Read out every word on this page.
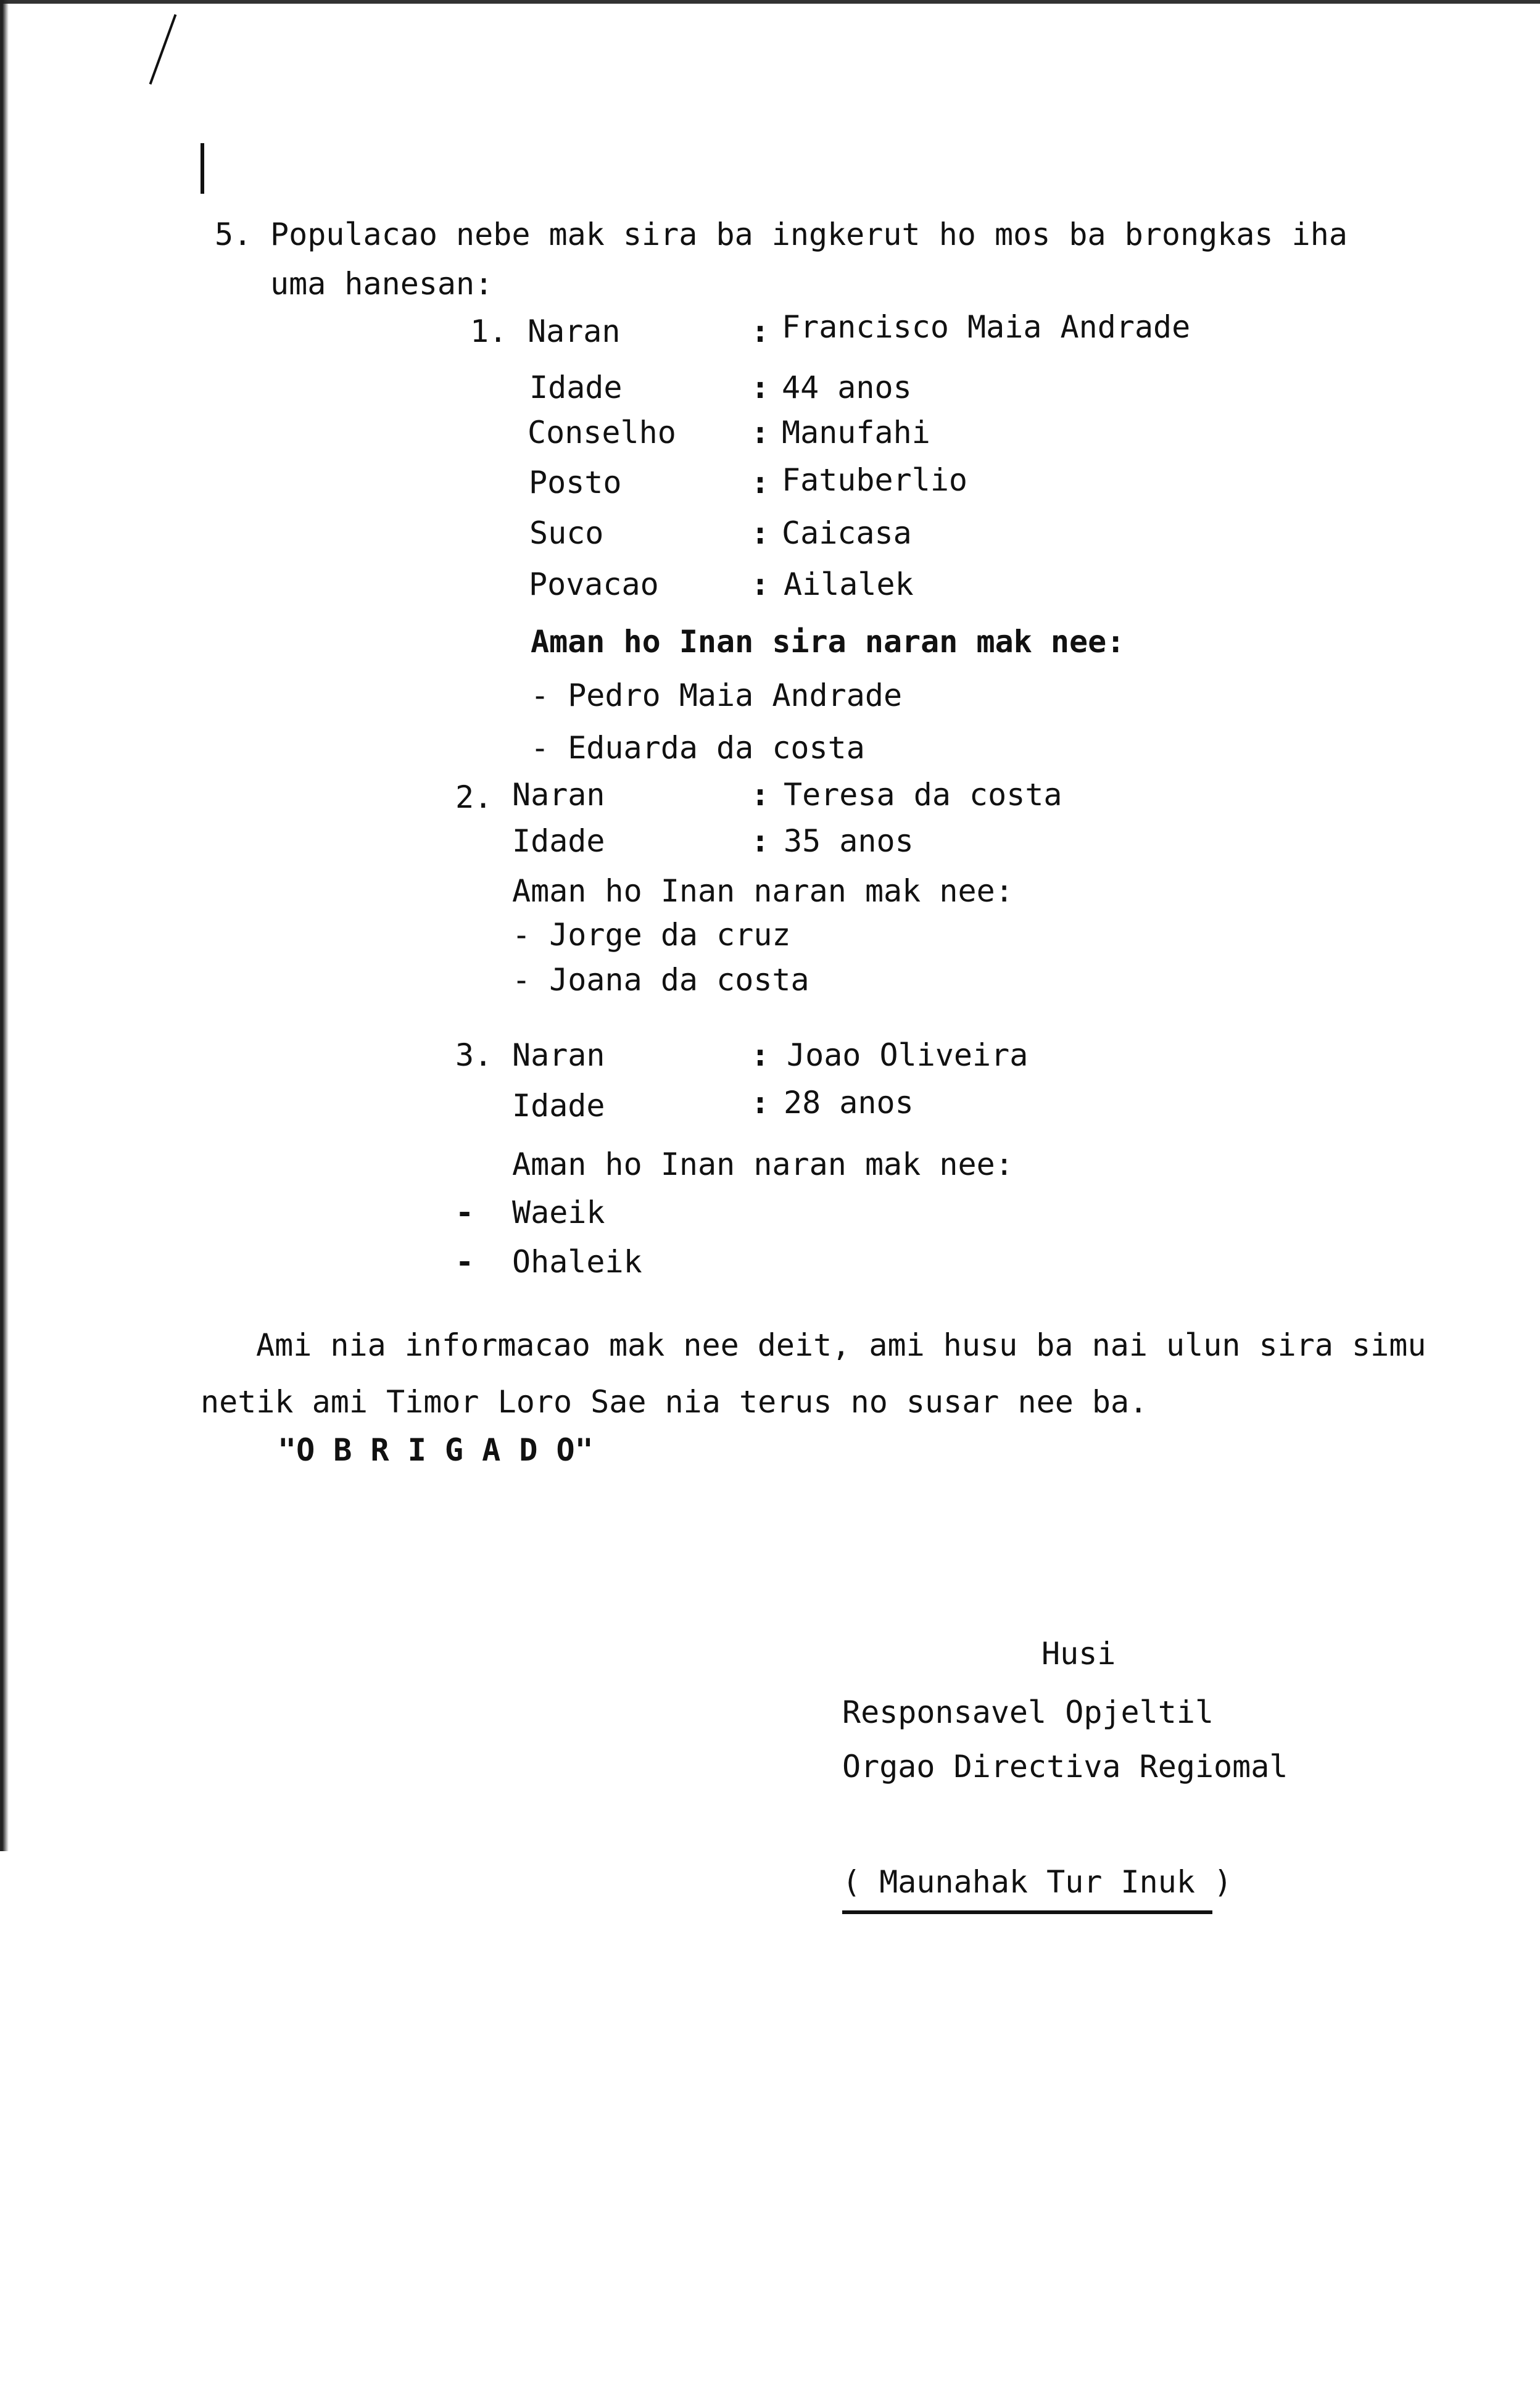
5. Populacao nebe mak sira ba ingkerut ho mos ba brongkas iha
uma hanesan:
1. Naran	: Francisco Maia Andrade
Idade	: 44 anos
Conselho : Manufahi
Posto	: Fatuberlio
Suco	: Caicasa
Povacao	: Ailalek
Aman ho Inan sira naran mak nee:
- Pedro Maia Andrade
- Eduarda da costa
2. Naran	: Teresa da costa
Idade	: 35 anos
Aman ho Inan naran mak nee:
- Jorge da cruz
- Joana da costa
3. Naran	: Joao Oliveira
Idade	: 28 anos
Aman ho Inan naran mak nee:
- Waeik
- Ohaleik
Ami nia informacao mak nee deit, ami husu ba nai ulun sira simu
netik ami Timor Loro Sae nia terus no susar nee ba.
"O B R I G A D O"
Husi
Responsavel Opjeltil
Orgao Directiva Regiomal
( Maunahak Tur Inuk )
